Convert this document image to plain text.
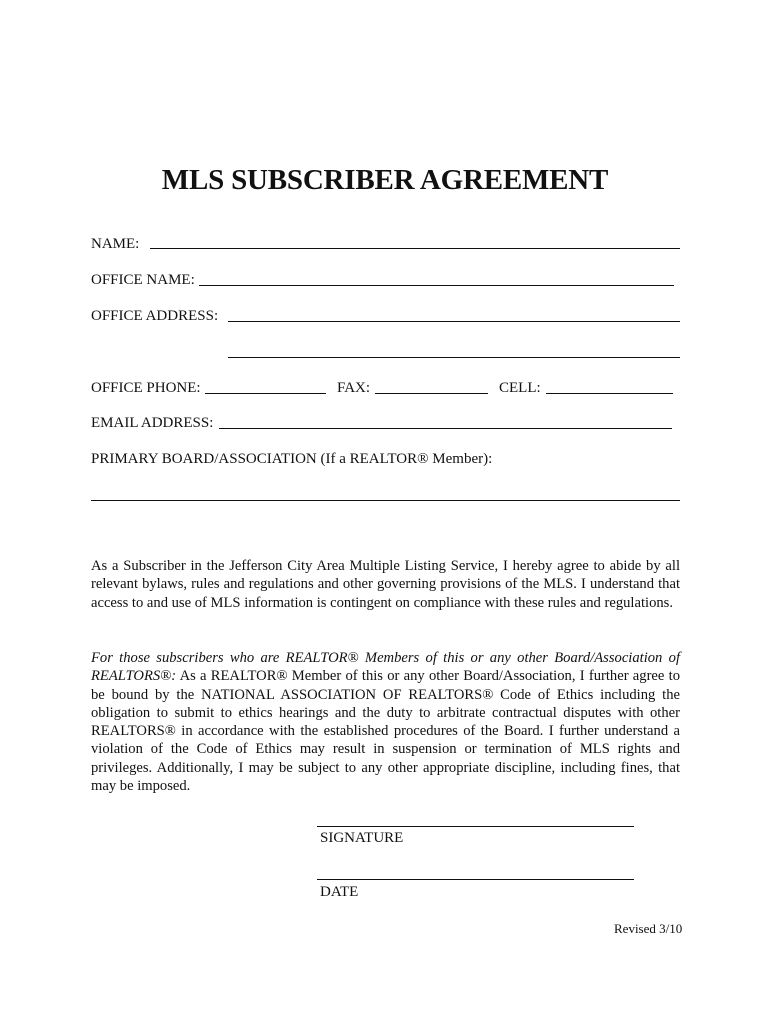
MLS SUBSCRIBER AGREEMENT
NAME:
OFFICE NAME:
OFFICE ADDRESS:
OFFICE PHONE:	FAX:	CELL:
EMAIL ADDRESS:
PRIMARY BOARD/ASSOCIATION (If a REALTOR® Member):

As a Subscriber in the Jefferson City Area Multiple Listing Service, I hereby agree to abide by all relevant bylaws, rules and regulations and other governing provisions of the MLS. I understand that access to and use of MLS information is contingent on compliance with these rules and regulations.

For those subscribers who are REALTOR® Members of this or any other Board/Association of REALTORS®: As a REALTOR® Member of this or any other Board/Association, I further agree to be bound by the NATIONAL ASSOCIATION OF REALTORS® Code of Ethics including the obligation to submit to ethics hearings and the duty to arbitrate contractual disputes with other REALTORS® in accordance with the established procedures of the Board. I further understand a violation of the Code of Ethics may result in suspension or termination of MLS rights and privileges. Additionally, I may be subject to any other appropriate discipline, including fines, that may be imposed.

SIGNATURE
DATE
Revised 3/10
